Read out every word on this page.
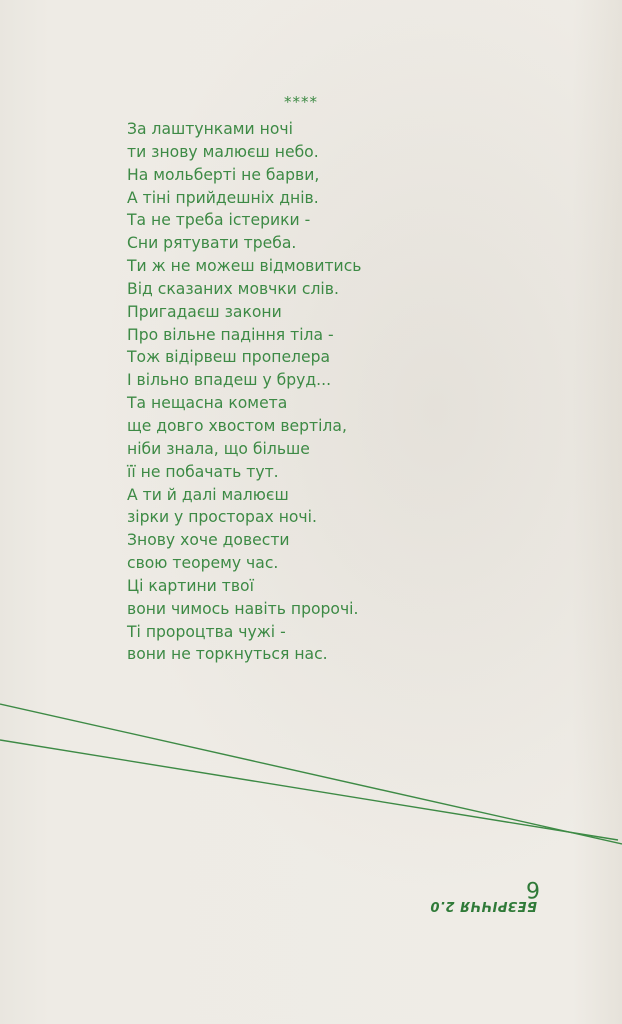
****

За лаштунками ночі
ти знову малюєш небо.
На мольберті не барви,
А тіні прийдешніх днів.
Та не треба істерики -
Сни рятувати треба.
Ти ж не можеш відмовитись
Від сказаних мовчки слів.
Пригадаєш закони
Про вільне падіння тіла -
Тож відірвеш пропелера
І вільно впадеш у бруд...
Та нещасна комета
ще довго хвостом вертіла,
ніби знала, що більше
її не побачать тут.
А ти й далі малюєш
зірки у просторах ночі.
Знову хоче довести
свою теорему час.
Ці картини твої
вони чимось навіть пророчі.
Ті пророцтва чужі -
вони не торкнуться нас.

6

БЕЗРІЧЧЯ 2.0
